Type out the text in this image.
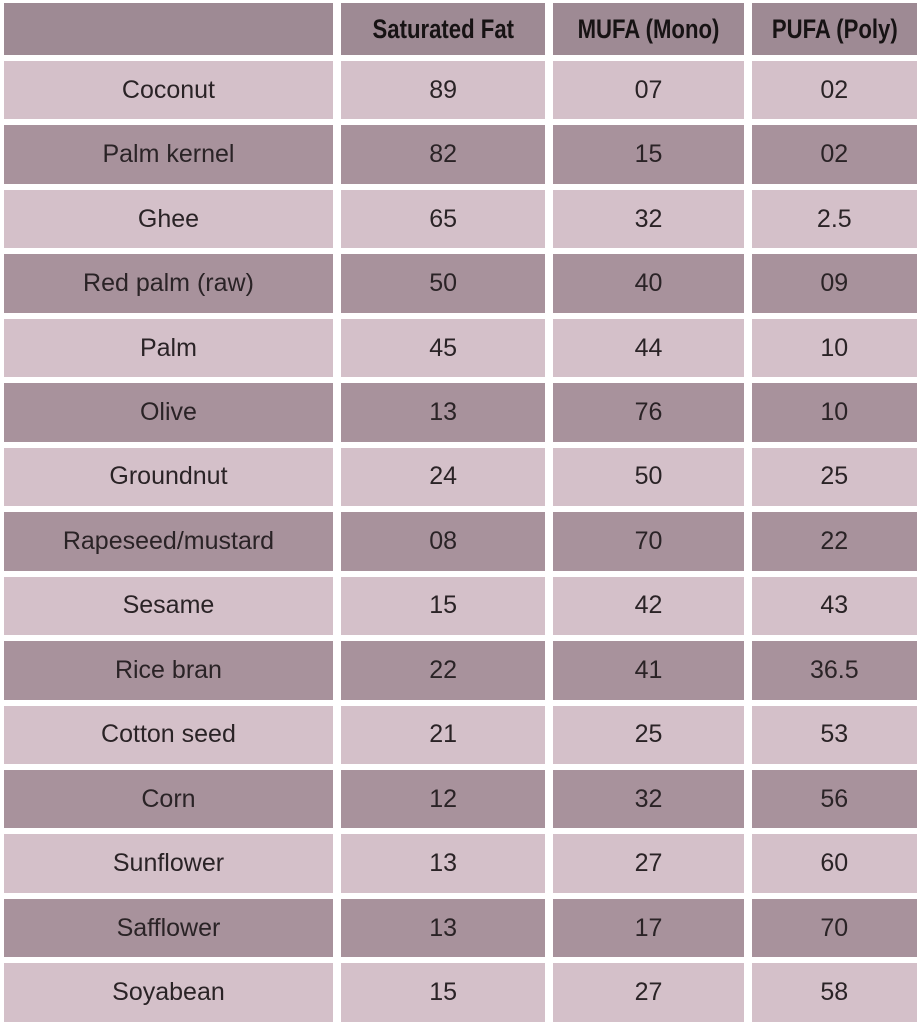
	Saturated Fat	MUFA (Mono)	PUFA (Poly)
Coconut	89	07	02
Palm kernel	82	15	02
Ghee	65	32	2.5
Red palm (raw)	50	40	09
Palm	45	44	10
Olive	13	76	10
Groundnut	24	50	25
Rapeseed/mustard	08	70	22
Sesame	15	42	43
Rice bran	22	41	36.5
Cotton seed	21	25	53
Corn	12	32	56
Sunflower	13	27	60
Safflower	13	17	70
Soyabean	15	27	58
